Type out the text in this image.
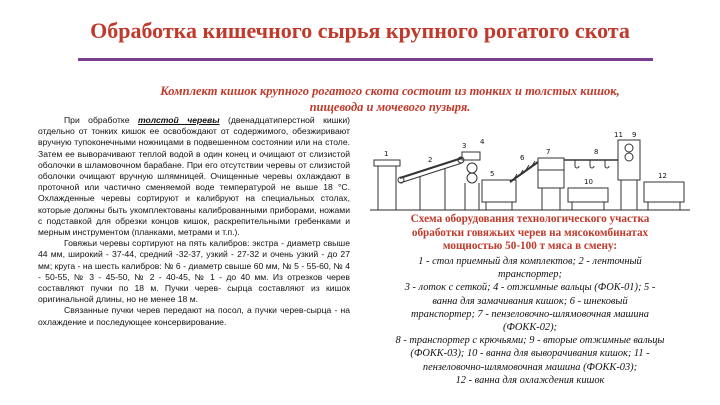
Обработка кишечного сырья крупного рогатого скота
Комплект кишок крупного рогатого скота состоит из тонких и толстых кишок,
пищевода и мочевого пузыря.

При обработке толстой черевы (двенадцатиперстной кишки) отдельно от тонких кишок ее освобождают от содержимого, обезжиривают вручную тупоконечными ножницами в подвешенном состоянии или на столе. Затем ее выворачивают теплой водой в один конец и очищают от слизистой оболочки в шламовочном барабане. При его отсутствии черевы от слизистой оболочки очищают вручную шлямницей. Очищенные черевы охлаждают в проточной или частично сменяемой воде температурой не выше 18 °С. Охлажденные черевы сортируют и калибруют на специальных столах, которые должны быть укомплектованы калиброванными приборами, ножами с подставкой для обрезки концов кишок, раскрепительными гребенками и мерным инструментом (планками, метрами и т.п.).

Говяжьи черевы сортируют на пять калибров: экстра - диаметр свыше 44 мм, широкий - 37-44, средний -32-37, узкий - 27-32 и очень узкий - до 27 мм; круга - на шесть калибров: № 6 - диаметр свыше 60 мм, № 5 - 55-60, № 4 - 50-55, № 3 - 45-50, № 2 - 40-45, № 1 - до 40 мм. Из отрезков черев составляют пучки по 18 м. Пучки черев- сырца составляют из кишок оригинальной длины, но не менее 18 м.

Связанные пучки черев передают на посол, а пучки черев-сырца - на охлаждение и последующее консервирование.

1
2
3 4
5
6
7	8
9
10
11
12
Схема оборудования технологического участка
обработки говяжьих черев на мясокомбинатах
мощностью 50-100 т мяса в смену:
1 - стол приемный для комплектов; 2 - ленточный
транспортер;
3 - лоток с сеткой; 4 - отжимные вальцы (ФОК-01); 5 -
ванна для замачивания кишок; 6 - шнековый
транспортер; 7 - пензеловочно-шлямовочная машина
(ФОКК-02);
8 - транспортер с крючьями; 9 - вторые отжимные вальцы
(ФОКК-03); 10 - ванна для выворачивания кишок; 11 -
пензеловочно-шлямовочная машина (ФОКК-03);
12 - ванна для охлаждения кишок
